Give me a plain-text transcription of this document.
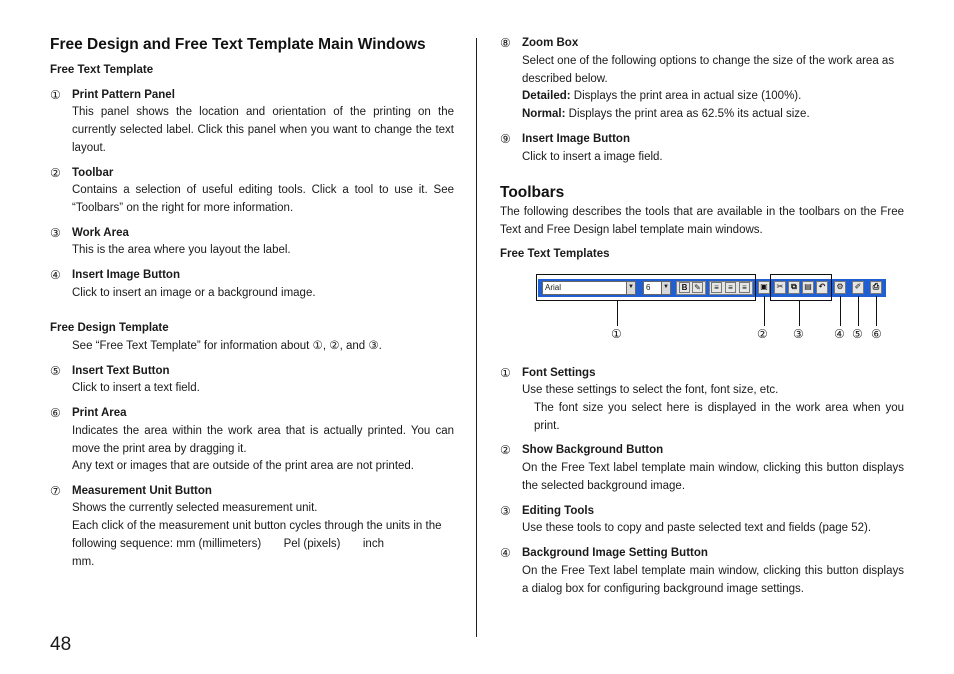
Free Design and Free Text Template Main Windows
Free Text Template
① Print Pattern Panel
This panel shows the location and orientation of the printing on the currently selected label. Click this panel when you want to change the text layout.
② Toolbar
Contains a selection of useful editing tools. Click a tool to use it. See “Toolbars” on the right for more information.
③ Work Area
This is the area where you layout the label.
④ Insert Image Button
Click to insert an image or a background image.
Free Design Template
See “Free Text Template” for information about ①, ②, and ③.
⑤ Insert Text Button
Click to insert a text field.
⑥ Print Area
Indicates the area within the work area that is actually printed. You can move the print area by dragging it.
Any text or images that are outside of the print area are not printed.
⑦ Measurement Unit Button
Shows the currently selected measurement unit.
Each click of the measurement unit button cycles through the units in the following sequence: mm (millimeters) Pel (pixels) inch
mm.
48
⑧ Zoom Box
Select one of the following options to change the size of the work area as described below.
Detailed: Displays the print area in actual size (100%).
Normal: Displays the print area as 62.5% its actual size.
⑨ Insert Image Button
Click to insert a image field.
Toolbars
The following describes the tools that are available in the toolbars on the Free Text and Free Design label template main windows.
Free Text Templates
Arial	▼	6	▼	B ✎	≡	≡	≡	▣	✂ ⧉ ▤ ↶	⚙	✐	⎙
①	② ③	④ ⑤ ⑥
① Font Settings
Use these settings to select the font, font size, etc.
The font size you select here is displayed in the work area when you print.
② Show Background Button
On the Free Text label template main window, clicking this button displays the selected background image.
③ Editing Tools
Use these tools to copy and paste selected text and fields (page 52).
④ Background Image Setting Button
On the Free Text label template main window, clicking this button displays a dialog box for configuring background image settings.
